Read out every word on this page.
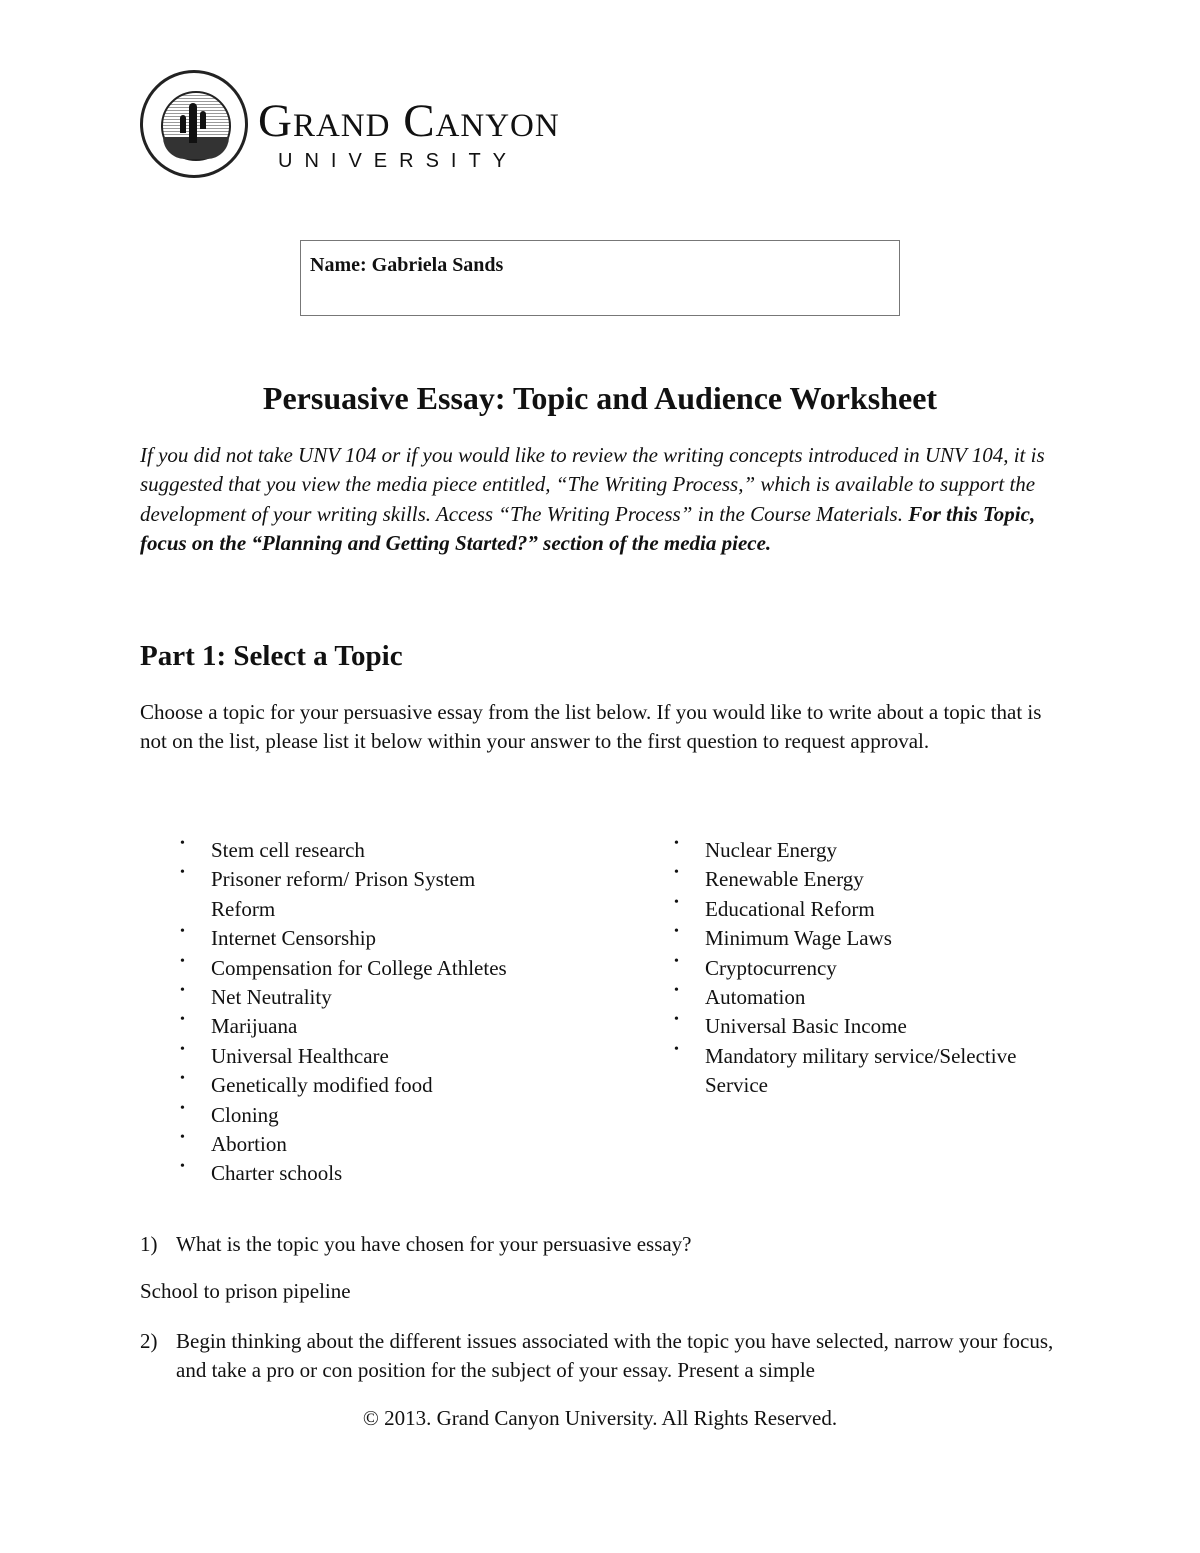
Grand Canyon
UNIVERSITY
Name: Gabriela Sands
Persuasive Essay: Topic and Audience Worksheet
If you did not take UNV 104 or if you would like to review the writing concepts introduced in UNV 104, it is suggested that you view the media piece entitled, “The Writing Process,” which is available to support the development of your writing skills. Access “The Writing Process” in the Course Materials. For this Topic, focus on the “Planning and Getting Started?” section of the media piece.
Part 1: Select a Topic
Choose a topic for your persuasive essay from the list below. If you would like to write about a topic that is not on the list, please list it below within your answer to the first question to request approval.
• Stem cell research
• Prisoner reform/ Prison System Reform
• Internet Censorship
• Compensation for College Athletes
• Net Neutrality
• Marijuana
• Universal Healthcare
• Genetically modified food
• Cloning
• Abortion
• Charter schools
• Nuclear Energy
• Renewable Energy
• Educational Reform
• Minimum Wage Laws
• Cryptocurrency
• Automation
• Universal Basic Income
• Mandatory military service/Selective Service
1) What is the topic you have chosen for your persuasive essay?
School to prison pipeline
2) Begin thinking about the different issues associated with the topic you have selected, narrow your focus, and take a pro or con position for the subject of your essay. Present a simple
© 2013. Grand Canyon University. All Rights Reserved.
